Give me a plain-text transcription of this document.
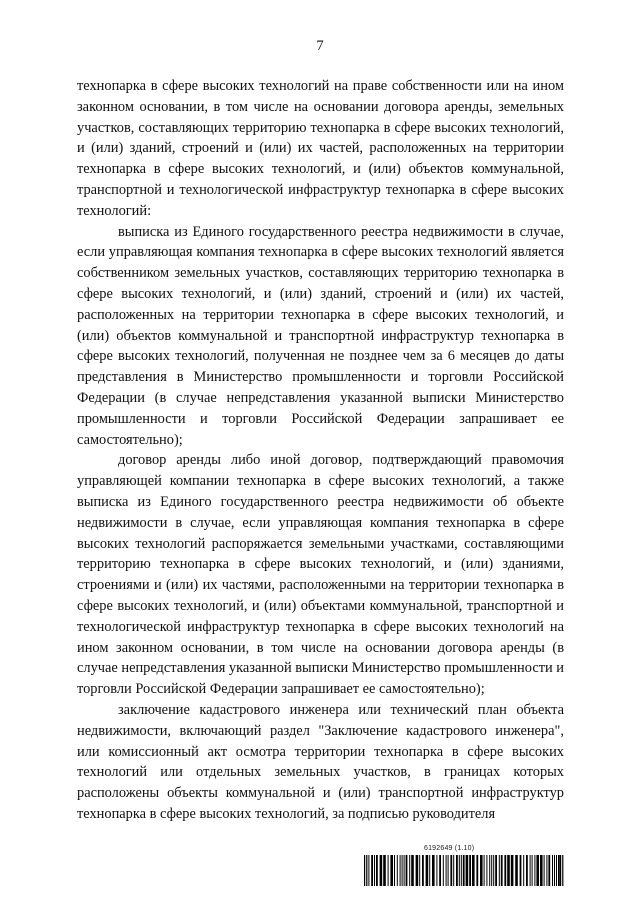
7

технопарка в сфере высоких технологий на праве собственности или на ином законном основании, в том числе на основании договора аренды, земельных участков, составляющих территорию технопарка в сфере высоких технологий, и (или) зданий, строений и (или) их частей, расположенных на территории технопарка в сфере высоких технологий, и (или) объектов коммунальной, транспортной и технологической инфраструктур технопарка в сфере высоких технологий:

выписка из Единого государственного реестра недвижимости в случае, если управляющая компания технопарка в сфере высоких технологий является собственником земельных участков, составляющих территорию технопарка в сфере высоких технологий, и (или) зданий, строений и (или) их частей, расположенных на территории технопарка в сфере высоких технологий, и (или) объектов коммунальной и транспортной инфраструктур технопарка в сфере высоких технологий, полученная не позднее чем за 6 месяцев до даты представления в Министерство промышленности и торговли Российской Федерации (в случае непредставления указанной выписки Министерство промышленности и торговли Российской Федерации запрашивает ее самостоятельно);

договор аренды либо иной договор, подтверждающий правомочия управляющей компании технопарка в сфере высоких технологий, а также выписка из Единого государственного реестра недвижимости об объекте недвижимости в случае, если управляющая компания технопарка в сфере высоких технологий распоряжается земельными участками, составляющими территорию технопарка в сфере высоких технологий, и (или) зданиями, строениями и (или) их частями, расположенными на территории технопарка в сфере высоких технологий, и (или) объектами коммунальной, транспортной и технологической инфраструктур технопарка в сфере высоких технологий на ином законном основании, в том числе на основании договора аренды (в случае непредставления указанной выписки Министерство промышленности и торговли Российской Федерации запрашивает ее самостоятельно);

заключение кадастрового инженера или технический план объекта недвижимости, включающий раздел "Заключение кадастрового инженера", или комиссионный акт осмотра территории технопарка в сфере высоких технологий или отдельных земельных участков, в границах которых расположены объекты коммунальной и (или) транспортной инфраструктур технопарка в сфере высоких технологий, за подписью руководителя

6192649 (1.10)
